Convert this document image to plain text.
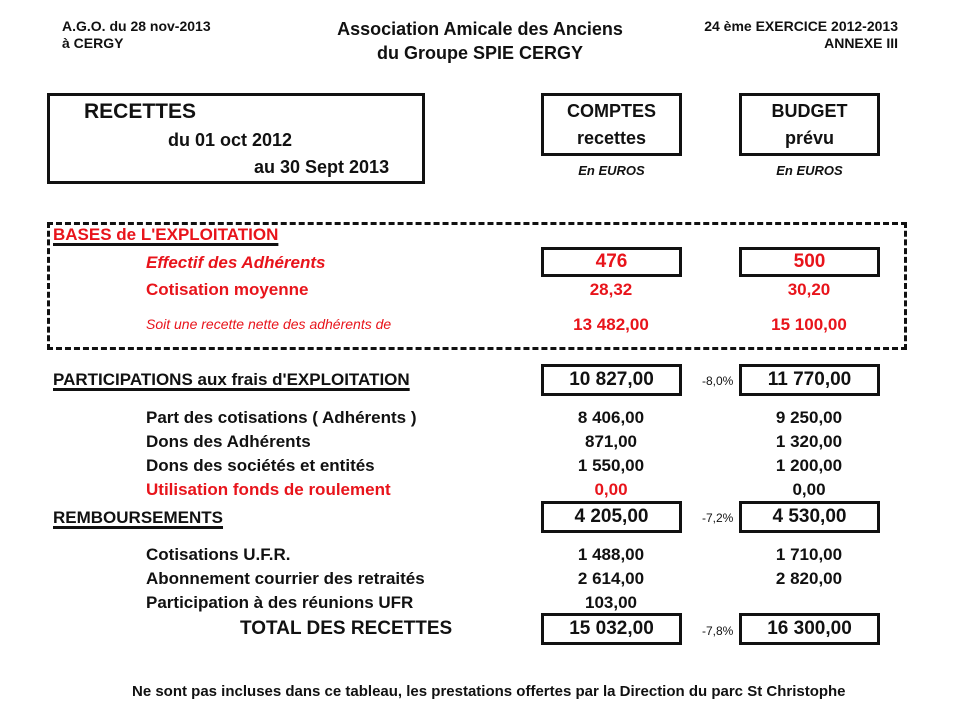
A.G.O. du 28 nov-2013
à CERGY
Association Amicale des Anciens
du Groupe SPIE CERGY
24 ème EXERCICE 2012-2013
ANNEXE III
RECETTES
du 01 oct 2012
au 30 Sept 2013
COMPTES
recettes
En EUROS
BUDGET
prévu
En EUROS
BASES de L'EXPLOITATION
Effectif des Adhérents	476	500
Cotisation moyenne	28,32	30,20
Soit une recette nette des adhérents de	13 482,00	15 100,00
PARTICIPATIONS aux frais d'EXPLOITATION	10 827,00	-8,0%	11 770,00
Part des cotisations ( Adhérents )	8 406,00	9 250,00
Dons des Adhérents	871,00	1 320,00
Dons des sociétés et entités	1 550,00	1 200,00
Utilisation fonds de roulement	0,00	0,00
REMBOURSEMENTS	4 205,00	-7,2%	4 530,00
Cotisations U.F.R.	1 488,00	1 710,00
Abonnement courrier des retraités	2 614,00	2 820,00
Participation à des réunions UFR	103,00
TOTAL DES RECETTES	15 032,00	-7,8%	16 300,00
Ne sont pas incluses dans ce tableau, les prestations offertes par la Direction du parc St Christophe
